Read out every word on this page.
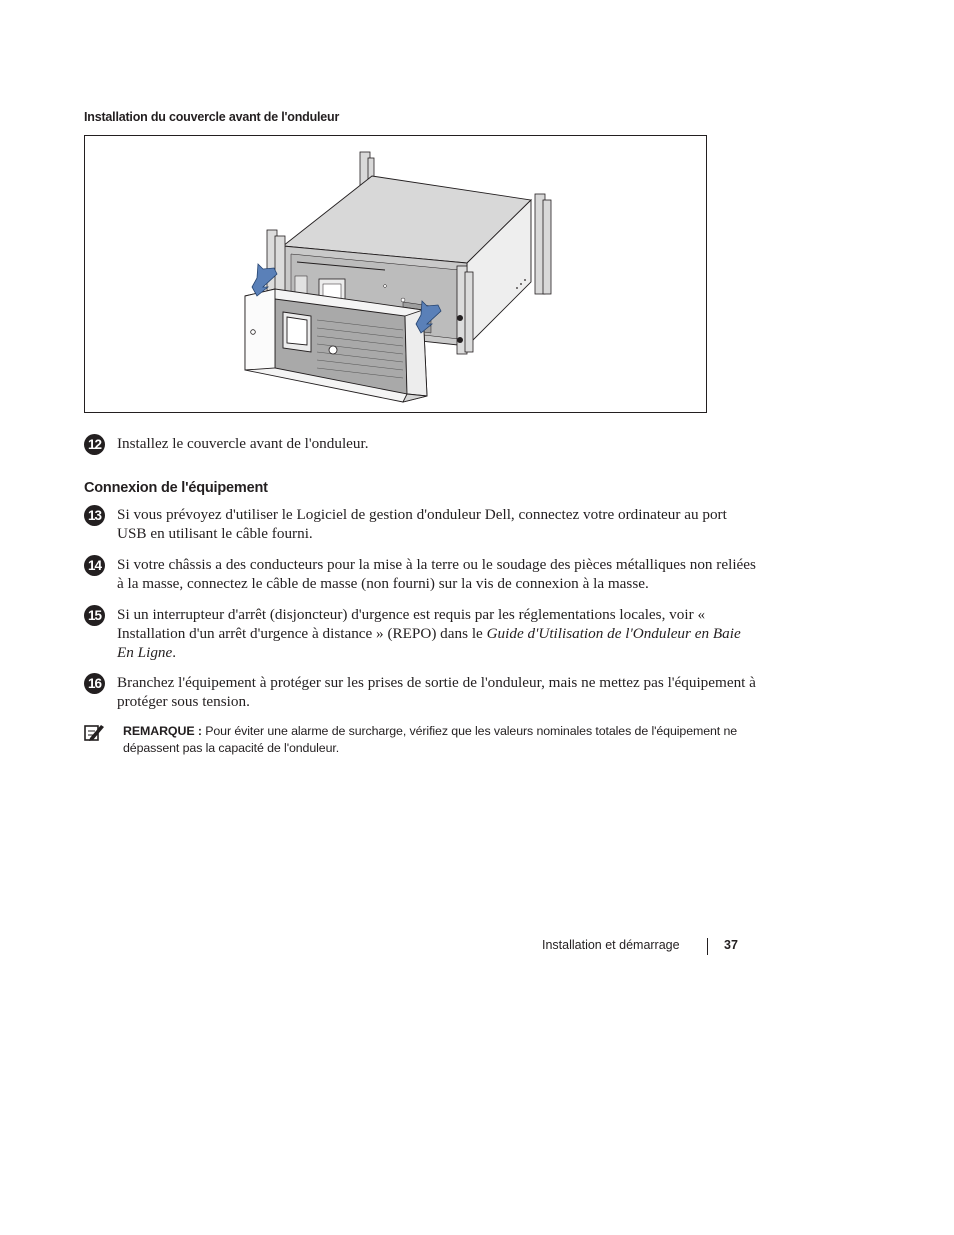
Installation du couvercle avant de l'onduleur
12 Installez le couvercle avant de l'onduleur.
Connexion de l'équipement
13 Si vous prévoyez d'utiliser le Logiciel de gestion d'onduleur Dell, connectez votre ordinateur au port USB en utilisant le câble fourni.
14 Si votre châssis a des conducteurs pour la mise à la terre ou le soudage des pièces métalliques non reliées à la masse, connectez le câble de masse (non fourni) sur la vis de connexion à la masse.
15 Si un interrupteur d'arrêt (disjoncteur) d'urgence est requis par les réglementations locales, voir « Installation d'un arrêt d'urgence à distance » (REPO) dans le Guide d'Utilisation de l'Onduleur en Baie En Ligne.
16 Branchez l'équipement à protéger sur les prises de sortie de l'onduleur, mais ne mettez pas l'équipement à protéger sous tension.
REMARQUE : Pour éviter une alarme de surcharge, vérifiez que les valeurs nominales totales de l'équipement ne dépassent pas la capacité de l'onduleur.
Installation et démarrage	37
